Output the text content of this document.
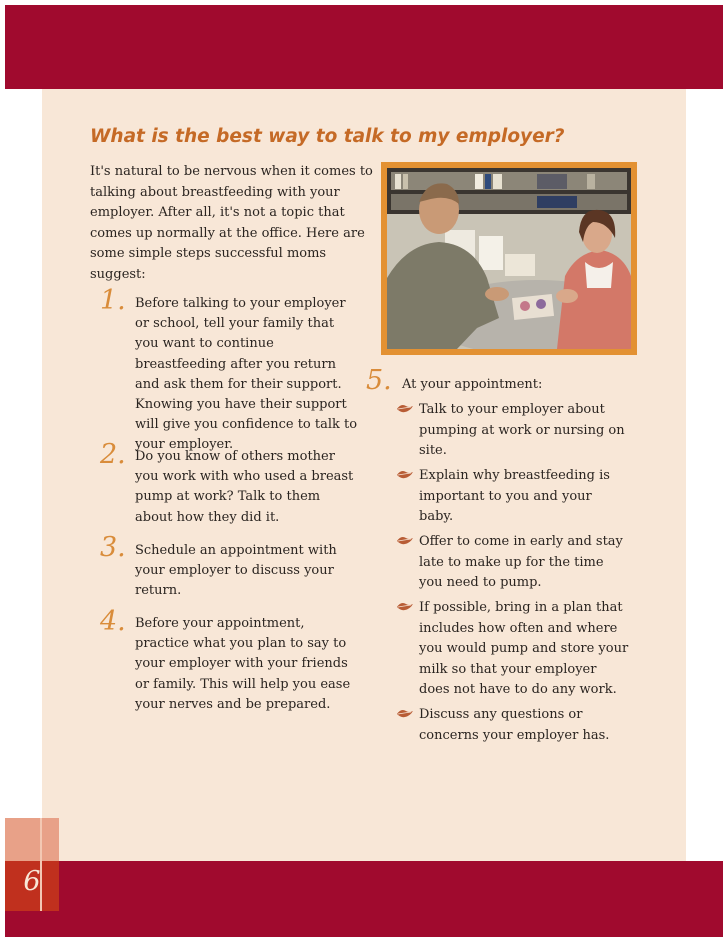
6
What is the best way to talk to my employer?

It's natural to be nervous when it comes to talking about breastfeeding with your employer. After all, it's not a topic that comes up normally at the office. Here are some simple steps successful moms suggest:

1. Before talking to your employer or school, tell your family that you want to continue breastfeeding after you return and ask them for their support. Knowing you have their support will give you confidence to talk to your employer.

2. Do you know of others mother you work with who used a breast pump at work? Talk to them about how they did it.

3. Schedule an appointment with your employer to discuss your return.

4. Before your appointment, practice what you plan to say to your employer with your friends or family. This will help you ease your nerves and be prepared.

5. At your appointment:

Talk to your employer about pumping at work or nursing on site.

Explain why breastfeeding is important to you and your baby.

Offer to come in early and stay late to make up for the time you need to pump.

If possible, bring in a plan that includes how often and where you would pump and store your milk so that your employer does not have to do any work.

Discuss any questions or concerns your employer has.
